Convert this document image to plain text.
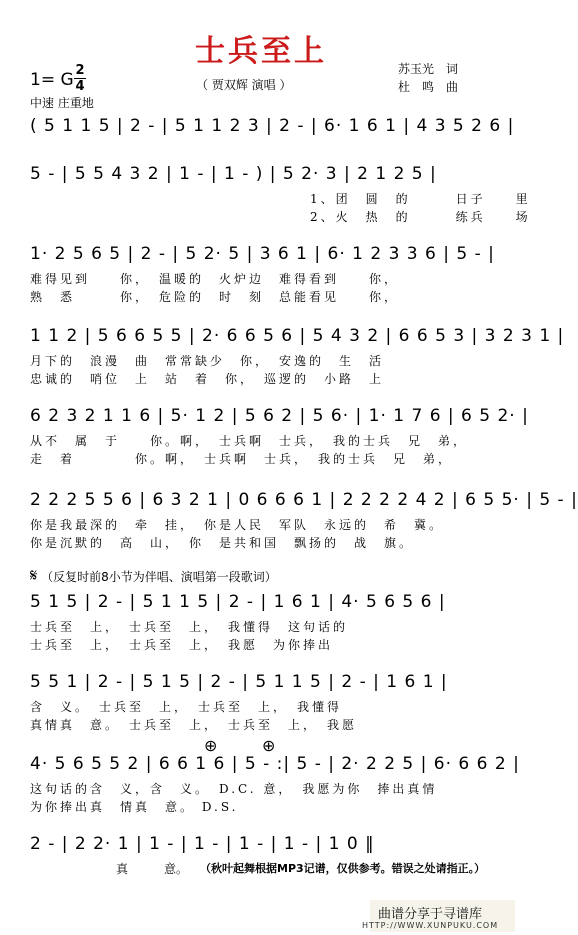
士兵至上
（ 贾双辉 演唱 ）
苏玉光　词
杜　鸣　曲
1= G 2
4
中速 庄重地
( 5 1 1 5 | 2 - | 5 1 1 2 3 | 2 - | 6· 1 6 1 | 4 3 5 2 6 |
5 - | 5 5 4 3 2 | 1 - | 1 - ) | 5 2· 3 | 2 1 2 5 |
1、团　圆　的　　　日子　　里
2、火　热　的　　　练兵　　场
1· 2 5 6 5 | 2 - | 5 2· 5 | 3 6 1 | 6· 1 2 3 3 6 | 5 - |
难得见到　　你，　温暖的　火炉边　难得看到　　你，
熟　悉　　　你，　危险的　时　刻　总能看见　　你，
1 1 2 | 5 6 6 5 5 | 2· 6 6 5 6 | 5 4 3 2 | 6 6 5 3 | 3 2 3 1 |
月下的　浪漫　曲　常常缺少　你，　安逸的　生　活
忠诚的　哨位　上　站　着　你，　巡逻的　小路　上
6 2 3 2 1 1 6 | 5· 1 2 | 5 6 2 | 5 6· | 1· 1 7 6 | 6 5 2· |
从不　属　于　　你。啊，　士兵啊　士兵，　我的士兵　兄　弟，
走　着　　　　你。啊，　士兵啊　士兵，　我的士兵　兄　弟，
2 2 2 5 5 6 | 6 3 2 1 | 0 6 6 6 1 | 2 2 2 2 4 2 | 6 5 5· | 5 - |
你是我最深的　牵　挂，　你是人民　军队　永远的　希　冀。
你是沉默的　高　山，　你　是共和国　飘扬的　战　旗。
𝄋 （反复时前8小节为伴唱、演唱第一段歌词）
5 1 5 | 2 - | 5 1 1 5 | 2 - | 1 6 1 | 4· 5 6 5 6 |
士兵至　上，　士兵至　上，　我懂得　这句话的
士兵至　上，　士兵至　上，　我愿　为你捧出
5 5 1 | 2 - | 5 1 5 | 2 - | 5 1 1 5 | 2 - | 1 6 1 |
含　义。　士兵至　上，　士兵至　上，　我懂得
真情真　意。　士兵至　上，　士兵至　上，　我愿
⊕	⊕
4· 5 6 5 5 2 | 6 6 1 6 | 5 - :| 5 - | 2· 2 2 5 | 6· 6 6 2 |
这句话的含　义，含　义。　D.C. 意，　我愿为你　捧出真情
为你捧出真　情真　意。 D.S.
2 - | 2 2· 1 | 1 - | 1 - | 1 - | 1 - | 1 0 ‖
真　　　意。 （秋叶起舞根据MP3记谱，仅供参考。错误之处请指正。）
曲谱分享于寻谱库
HTTP://WWW.XUNPUKU.COM
